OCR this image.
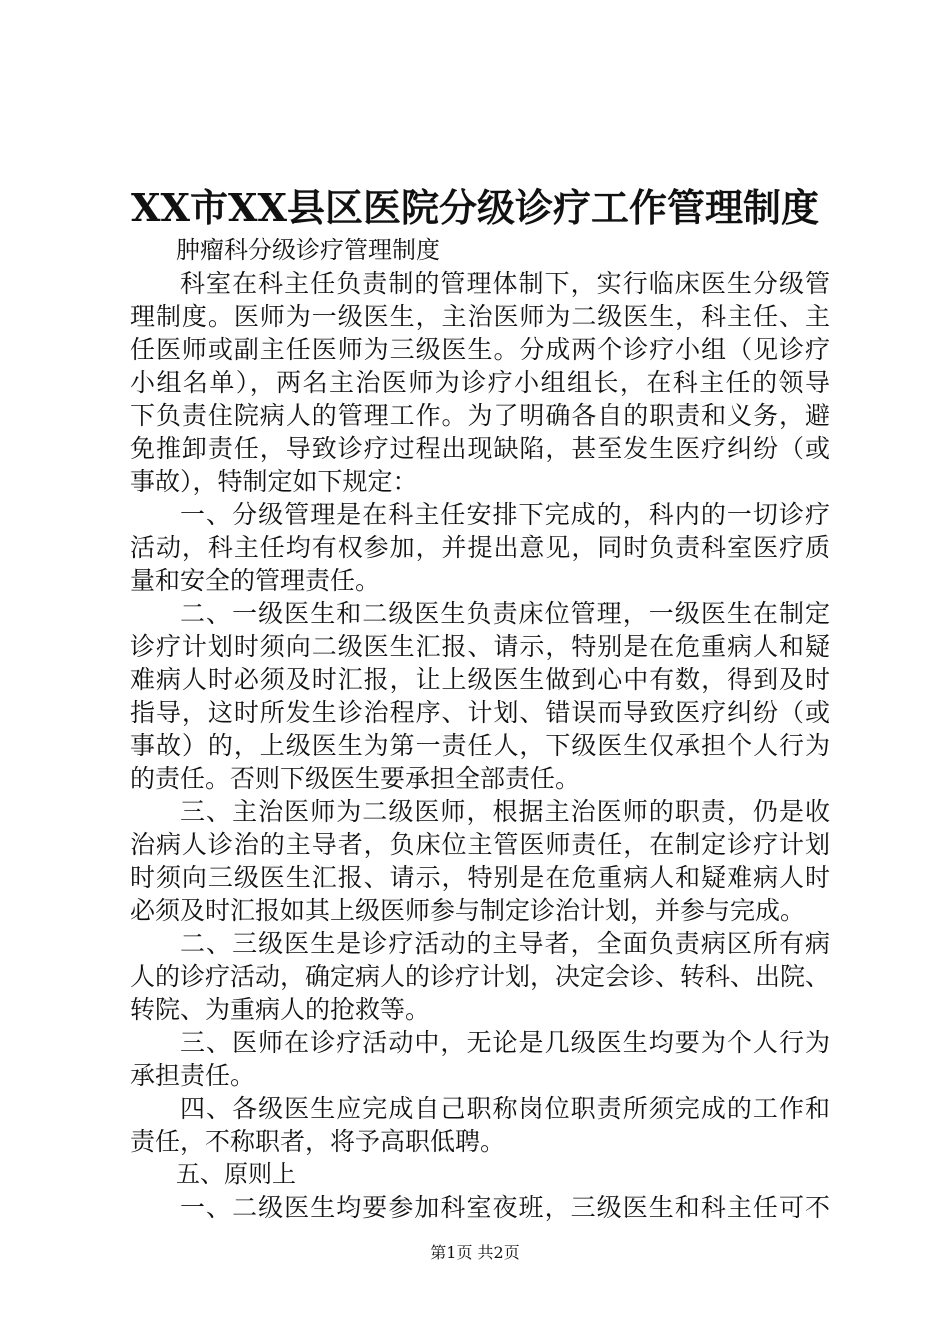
XX市XX县区医院分级诊疗工作管理制度
肿瘤科分级诊疗管理制度
科室在科主任负责制的管理体制下，实行临床医生分级管
理制度。医师为一级医生，主治医师为二级医生，科主任、主
任医师或副主任医师为三级医生。分成两个诊疗小组（见诊疗
小组名单），两名主治医师为诊疗小组组长，在科主任的领导
下负责住院病人的管理工作。为了明确各自的职责和义务，避
免推卸责任，导致诊疗过程出现缺陷，甚至发生医疗纠纷（或
事故），特制定如下规定：
一、分级管理是在科主任安排下完成的，科内的一切诊疗
活动，科主任均有权参加，并提出意见，同时负责科室医疗质
量和安全的管理责任。
二、一级医生和二级医生负责床位管理，一级医生在制定
诊疗计划时须向二级医生汇报、请示，特别是在危重病人和疑
难病人时必须及时汇报，让上级医生做到心中有数，得到及时
指导，这时所发生诊治程序、计划、错误而导致医疗纠纷（或
事故）的，上级医生为第一责任人，下级医生仅承担个人行为
的责任。否则下级医生要承担全部责任。
三、主治医师为二级医师，根据主治医师的职责，仍是收
治病人诊治的主导者，负床位主管医师责任，在制定诊疗计划
时须向三级医生汇报、请示，特别是在危重病人和疑难病人时
必须及时汇报如其上级医师参与制定诊治计划，并参与完成。
二、三级医生是诊疗活动的主导者，全面负责病区所有病
人的诊疗活动，确定病人的诊疗计划，决定会诊、转科、出院、
转院、为重病人的抢救等。
三、医师在诊疗活动中，无论是几级医生均要为个人行为
承担责任。
四、各级医生应完成自己职称岗位职责所须完成的工作和
责任，不称职者，将予高职低聘。
五、原则上
一、二级医生均要参加科室夜班，三级医生和科主任可不
第1页 共2页
